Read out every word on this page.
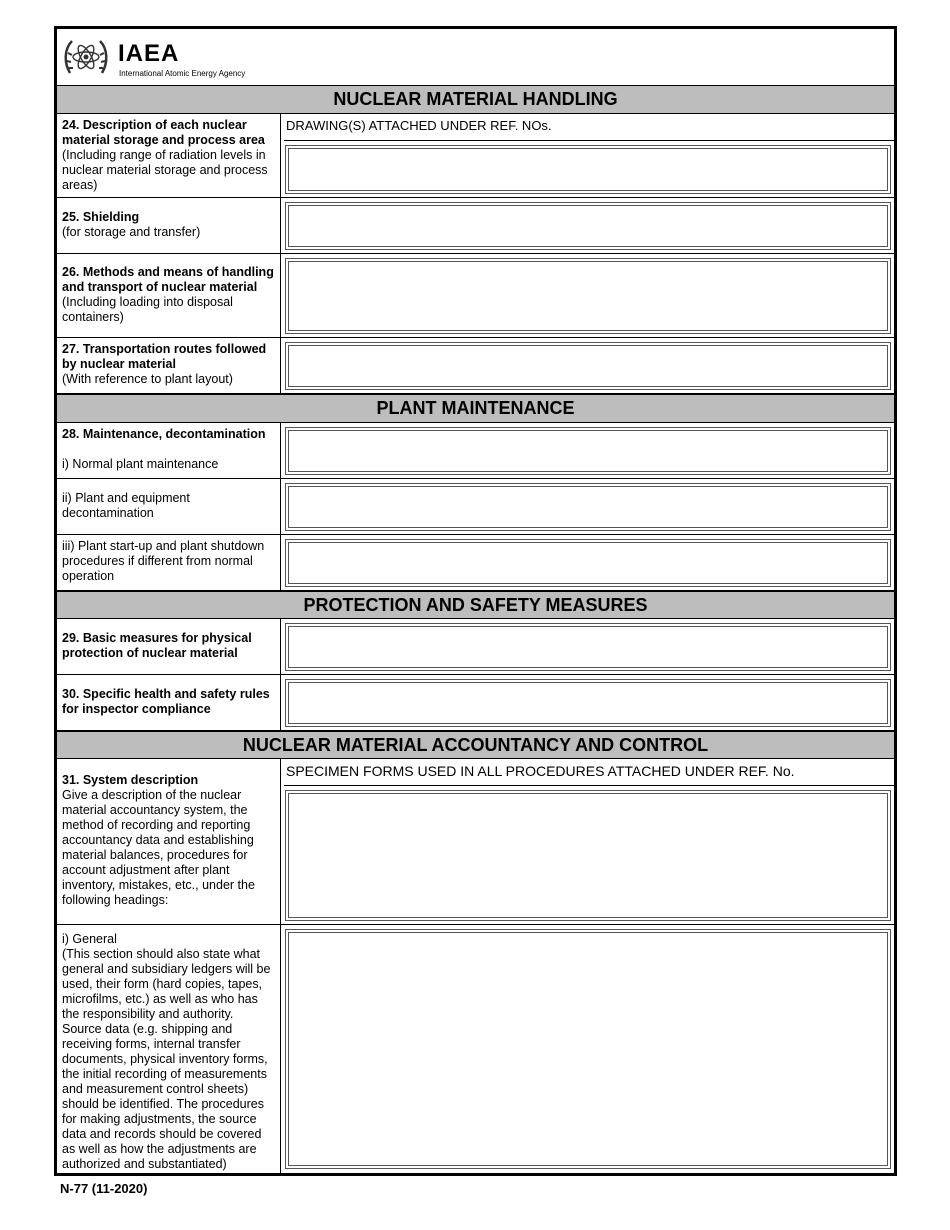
IAEA
International Atomic Energy Agency
NUCLEAR MATERIAL HANDLING
24. Description of each nuclear material storage and process area
(Including range of radiation levels in nuclear material storage and process areas)
DRAWING(S) ATTACHED UNDER REF. NOs.
25. Shielding
(for storage and transfer)
26. Methods and means of handling and transport of nuclear material
(Including loading into disposal containers)
27. Transportation routes followed by nuclear material
(With reference to plant layout)
PLANT MAINTENANCE
28. Maintenance, decontamination

i) Normal plant maintenance
ii) Plant and equipment decontamination
iii) Plant start-up and plant shutdown procedures if different from normal operation
PROTECTION AND SAFETY MEASURES
29. Basic measures for physical protection of nuclear material
30. Specific health and safety rules for inspector compliance
NUCLEAR MATERIAL ACCOUNTANCY AND CONTROL
31. System description
Give a description of the nuclear material accountancy system, the method of recording and reporting accountancy data and establishing material balances, procedures for account adjustment after plant inventory, mistakes, etc., under the following headings:
SPECIMEN FORMS USED IN ALL PROCEDURES ATTACHED UNDER REF. No.
i) General
(This section should also state what general and subsidiary ledgers will be used, their form (hard copies, tapes, microfilms, etc.) as well as who has the responsibility and authority. Source data (e.g. shipping and receiving forms, internal transfer documents, physical inventory forms, the initial recording of measurements and measurement control sheets) should be identified. The procedures for making adjustments, the source data and records should be covered as well as how the adjustments are authorized and substantiated)
N-77 (11-2020)
